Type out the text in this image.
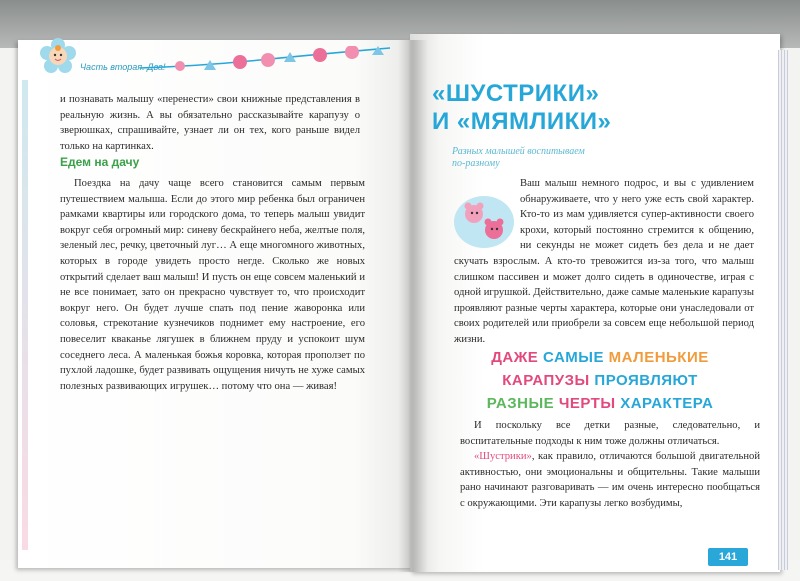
Часть вторая. Два!
и познавать малышу «перенести» свои книжные представления в реальную жизнь. А вы обязательно рассказывайте карапузу о зверюшках, спрашивайте, узнает ли он тех, кого раньше видел только на картинках.
Едем на дачу
Поездка на дачу чаще всего становится самым первым путешествием малыша. Если до этого мир ребенка был ограничен рамками квартиры или городского дома, то теперь малыш увидит вокруг себя огромный мир: синеву бескрайнего неба, желтые поля, зеленый лес, речку, цветочный луг… А еще многомного животных, которых в городе увидеть просто негде. Сколько же новых открытий сделает ваш малыш! И пусть он еще совсем маленький и не все понимает, зато он прекрасно чувствует то, что происходит вокруг него. Он будет лучше спать под пение жаворонка или соловья, стрекотание кузнечиков поднимет ему настроение, его повеселит кваканье лягушек в ближнем пруду и успокоит шум соседнего леса. А маленькая божья коровка, которая проползет по пухлой ладошке, будет развивать ощущения ничуть не хуже самых полезных развивающих игрушек… потому что она — живая!
«ШУСТРИКИ»
И «МЯМЛИКИ»
Разных малышей воспитываем по-разному
Ваш малыш немного подрос, и вы с удивлением обнаруживаете, что у него уже есть свой характер. Кто-то из мам удивляется супер-активности своего крохи, который постоянно стремится к общению, ни секунды не может сидеть без дела и не дает скучать взрослым. А кто-то тревожится из-за того, что малыш слишком пассивен и может долго сидеть в одиночестве, играя с одной игрушкой. Действительно, даже самые маленькие карапузы проявляют разные черты характера, которые они унаследовали от своих родителей или приобрели за совсем еще небольшой период жизни.
ДАЖЕ САМЫЕ МАЛЕНЬКИЕ
КАРАПУЗЫ ПРОЯВЛЯЮТ
РАЗНЫЕ ЧЕРТЫ ХАРАКТЕРА
И поскольку все детки разные, следовательно, и воспитательные подходы к ним тоже должны отличаться.
«Шустрики», как правило, отличаются большой двигательной активностью, они эмоциональны и общительны. Такие малыши рано начинают разговаривать — им очень интересно пообщаться с окружающими. Эти карапузы легко возбудимы,
141
